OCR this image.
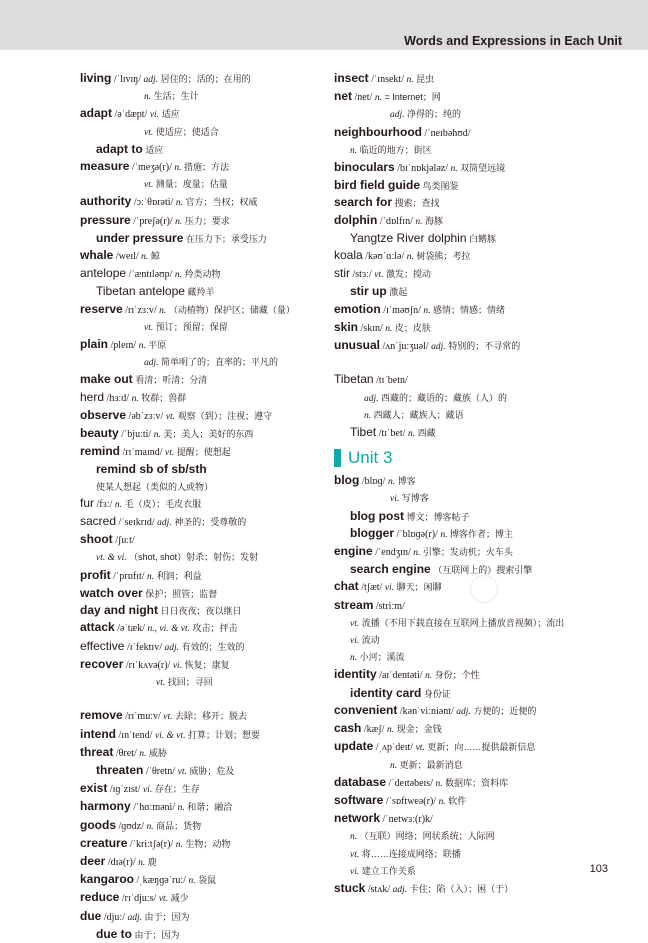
Words and Expressions in Each Unit
living /ˈlɪvɪŋ/ adj. 居住的；活的；在用的
n. 生活；生计
adapt /əˈdæpt/ vi. 适应
vt. 使适应；使适合
adapt to 适应
measure /ˈmeʒə(r)/ n. 措施；方法
vt. 测量；度量；估量
authority /ɔːˈθɒrəti/ n. 官方；当权；权威
pressure /ˈpreʃə(r)/ n. 压力；要求
under pressure 在压力下；承受压力
whale /weɪl/ n. 鲸
antelope /ˈæntɪləʊp/ n. 羚类动物
Tibetan antelope 藏羚羊
reserve /rɪˈzɜːv/ n. （动植物）保护区；储藏（量）
vt. 预订；预留；保留
plain /pleɪn/ n. 平原
adj. 简单明了的；直率的；平凡的
make out 看清；听清；分清
herd /hɜːd/ n. 牧群；兽群
observe /əbˈzɜːv/ vt. 观察（到）；注视；遵守
beauty /ˈbjuːti/ n. 美；美人；美好的东西
remind /rɪˈmaɪnd/ vt. 提醒；使想起
remind sb of sb/sth
使某人想起（类似的人或物）
fur /fɜː/ n. 毛（皮）；毛皮衣服
sacred /ˈseɪkrɪd/ adj. 神圣的；受尊敬的
shoot /ʃuːt/
vt. & vi. （shot, shot）射杀；射伤；发射
profit /ˈprɒfɪt/ n. 利润；利益
watch over 保护；照管；监督
day and night 日日夜夜；夜以继日
attack /əˈtæk/ n., vi. & vt. 攻击；抨击
effective /ɪˈfektɪv/ adj. 有效的；生效的
recover /rɪˈkʌvə(r)/ vi. 恢复；康复
vt. 找回；寻回
remove /rɪˈmuːv/ vt. 去除；移开；脱去
intend /ɪnˈtend/ vi. & vt. 打算；计划；想要
threat /θret/ n. 威胁
threaten /ˈθretn/ vt. 威胁；危及
exist /ɪɡˈzɪst/ vi. 存在；生存
harmony /ˈhɑːməni/ n. 和谐；融洽
goods /ɡʊdz/ n. 商品；货物
creature /ˈkriːtʃə(r)/ n. 生物；动物
deer /dɪə(r)/ n. 鹿
kangaroo /ˌkæŋɡəˈruː/ n. 袋鼠
reduce /rɪˈdjuːs/ vt. 减少
due /djuː/ adj. 由于；因为
due to 由于；因为
insect /ˈɪnsekt/ n. 昆虫
net /net/ n. = Internet；网
adj. 净得的；纯的
neighbourhood /ˈneɪbəhʊd/
n. 临近的地方；街区
binoculars /bɪˈnɒkjələz/ n. 双筒望远镜
bird field guide 鸟类图鉴
search for 搜索；查找
dolphin /ˈdɒlfɪn/ n. 海豚
Yangtze River dolphin 白鳍豚
koala /kəʊˈɑːlə/ n. 树袋熊；考拉
stir /stɜː/ vt. 激发；搅动
stir up 激起
emotion /ɪˈməʊʃn/ n. 感情；情感；情绪
skin /skɪn/ n. 皮；皮肤
unusual /ʌnˈjuːʒuəl/ adj. 特别的；不寻常的
Tibetan /tɪˈbetn/
adj. 西藏的；藏语的；藏族（人）的
n. 西藏人；藏族人；藏语
Tibet /tɪˈbet/ n. 西藏
Unit 3
blog /blɒɡ/ n. 博客
vi. 写博客
blog post 博文；博客帖子
blogger /ˈblɒɡə(r)/ n. 博客作者；博主
engine /ˈendʒɪn/ n. 引擎；发动机；火车头
search engine （互联网上的）搜索引擎
chat /tʃæt/ vi. 聊天；闲聊
stream /striːm/
vt. 流播（不用下载直接在互联网上播放音视频）；流出
vi. 流动
n. 小河；溪流
identity /aɪˈdentəti/ n. 身份；个性
identity card 身份证
convenient /kənˈviːniənt/ adj. 方便的；近便的
cash /kæʃ/ n. 现金；金钱
update /ˌʌpˈdeɪt/ vt. 更新；向……提供最新信息
n. 更新；最新消息
database /ˈdeɪtəbeɪs/ n. 数据库；资料库
software /ˈsɒftweə(r)/ n. 软件
network /ˈnetwɜː(r)k/
n. （互联）网络；网状系统；人际网
vt. 将……连接成网络；联播
vi. 建立工作关系
stuck /stʌk/ adj. 卡住；陷（入）；困（于）
103
